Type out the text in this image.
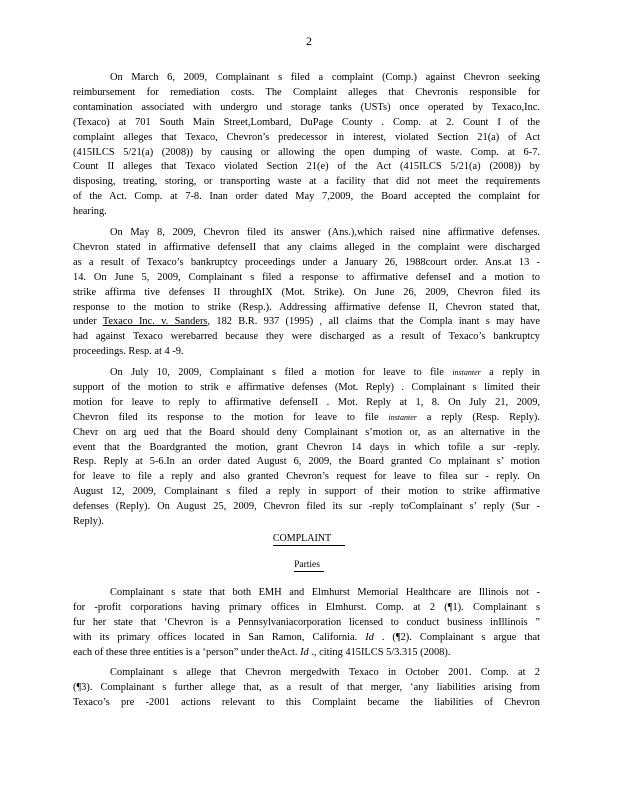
2
On March 6, 2009, Complainant s filed a complaint (Comp.) against Chevron seeking
reimbursement for remediation costs. The Complaint alleges that Chevronis responsible for
contamination associated with undergro und storage tanks (USTs) once operated by Texaco,Inc.
(Texaco) at 701 South Main Street,Lombard, DuPage County . Comp. at 2. Count I of the
complaint alleges that Texaco, Chevron’s predecessor in interest, violated Section 21(a) of Act
(415ILCS 5/21(a) (2008)) by causing or allowing the open dumping of waste. Comp. at 6-7.
Count II alleges that Texaco violated Section 21(e) of the Act (415ILCS 5/21(a) (2008)) by
disposing, treating, storing, or transporting waste at a facility that did not meet the requirements
of the Act. Comp. at 7-8. Inan order dated May 7,2009, the Board accepted the complaint for
hearing.
On May 8, 2009, Chevron filed its answer (Ans.),which raised nine affirmative defenses.
Chevron stated in affirmative defenseII that any claims alleged in the complaint were discharged
as a result of Texaco’s bankruptcy proceedings under a January 26, 1988court order. Ans.at 13 -
14. On June 5, 2009, Complainant s filed a response to affirmative defenseI and a motion to
strike affirma tive defenses II throughIX (Mot. Strike). On June 26, 2009, Chevron filed its
response to the motion to strike (Resp.). Addressing affirmative defense II, Chevron stated that,
under Texaco Inc. v. Sanders, 182 B.R. 937 (1995) , all claims that the Compla inant s may have
had against Texaco werebarred because they were discharged as a result of Texaco’s bankruptcy
proceedings. Resp. at 4 -9.
On July 10, 2009, Complainant s filed a motion for leave to file instanter a reply in
support of the motion to strik e affirmative defenses (Mot. Reply) . Complainant s limited their
motion for leave to reply to affirmative defenseII . Mot. Reply at 1, 8. On July 21, 2009,
Chevron filed its response to the motion for leave to file instanter a reply (Resp. Reply).
Chevr on arg ued that the Board should deny Complainant s’motion or, as an alternative in the
event that the Boardgranted the motion, grant Chevron 14 days in which tofile a sur -reply.
Resp. Reply at 5-6.In an order dated August 6, 2009, the Board granted Co mplainant s’ motion
for leave to file a reply and also granted Chevron’s request for leave to filea sur - reply. On
August 12, 2009, Complainant s filed a reply in support of their motion to strike affirmative
defenses (Reply). On August 25, 2009, Chevron filed its sur -reply toComplainant s’ reply (Sur -
Reply).
COMPLAINT
Parties
Complainant s state that both EMH and Elmhurst Memorial Healthcare are Illinois not -
for -profit corporations having primary offices in Elmhurst. Comp. at 2 (¶1). Complainant s
fur her state that ‘Chevron is a Pennsylvaniacorporation licensed to conduct business inIllinois ”
with its primary offices located in San Ramon, California. Id . (¶2). Complainant s argue that
each of these three entities is a ‘person” under theAct. Id ., citing 415ILCS 5/3.315 (2008).
Complainant s allege that Chevron mergedwith Texaco in October 2001. Comp. at 2
(¶3). Complainant s further allege that, as a result of that merger, ‘any liabilities arising from
Texaco’s pre -2001 actions relevant to this Complaint became the liabilities of Chevron
